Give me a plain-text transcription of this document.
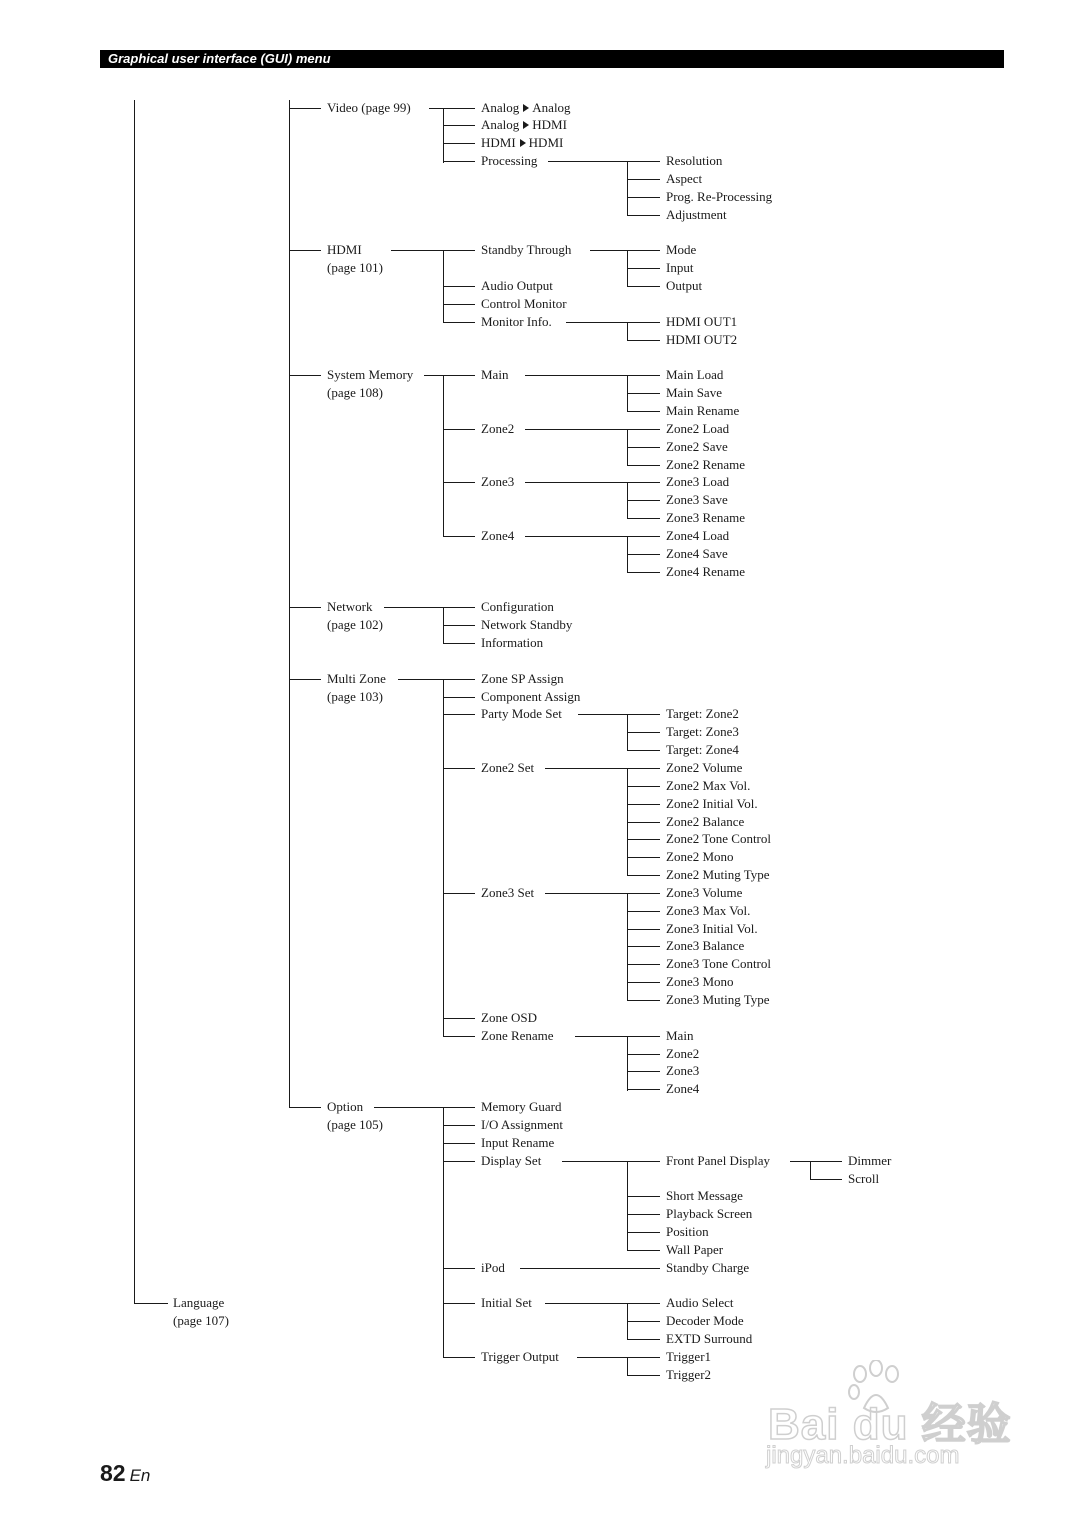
Graphical user interface (GUI) menu
Language
(page 107)
Video (page 99)	Analog Analog
Analog HDMI
HDMI HDMI
Processing	Resolution
Aspect
Prog. Re-Processing
Adjustment
HDMI
(page 101)
Standby Through	Mode
Input
Output
Audio Output
Control Monitor
Monitor Info.	HDMI OUT1
HDMI OUT2
System Memory
(page 108)
Main	Main Load
Main Save
Main Rename
Zone2	Zone2 Load
Zone2 Save
Zone2 Rename
Zone3	Zone3 Load
Zone3 Save
Zone3 Rename
Zone4	Zone4 Load
Zone4 Save
Zone4 Rename
Network
(page 102)
Configuration
Network Standby
Information
Multi Zone
(page 103)
Zone SP Assign
Component Assign
Party Mode Set	Target: Zone2
Target: Zone3
Target: Zone4
Zone2 Set	Zone2 Volume
Zone2 Max Vol.
Zone2 Initial Vol.
Zone2 Balance
Zone2 Tone Control
Zone2 Mono
Zone2 Muting Type
Zone3 Set	Zone3 Volume
Zone3 Max Vol.
Zone3 Initial Vol.
Zone3 Balance
Zone3 Tone Control
Zone3 Mono
Zone3 Muting Type
Zone OSD
Zone Rename	Main
Zone2
Zone3
Zone4
Option
(page 105)
Memory Guard
I/O Assignment
Input Rename
Display Set	Front Panel Display	Dimmer
Scroll
Short Message
Playback Screen
Position
Wall Paper
iPod	Standby Charge
Initial Set	Audio Select
Decoder Mode
EXTD Surround
Trigger Output	Trigger1
Trigger2
82 En
Bai du 经验
jingyan.baidu.com
